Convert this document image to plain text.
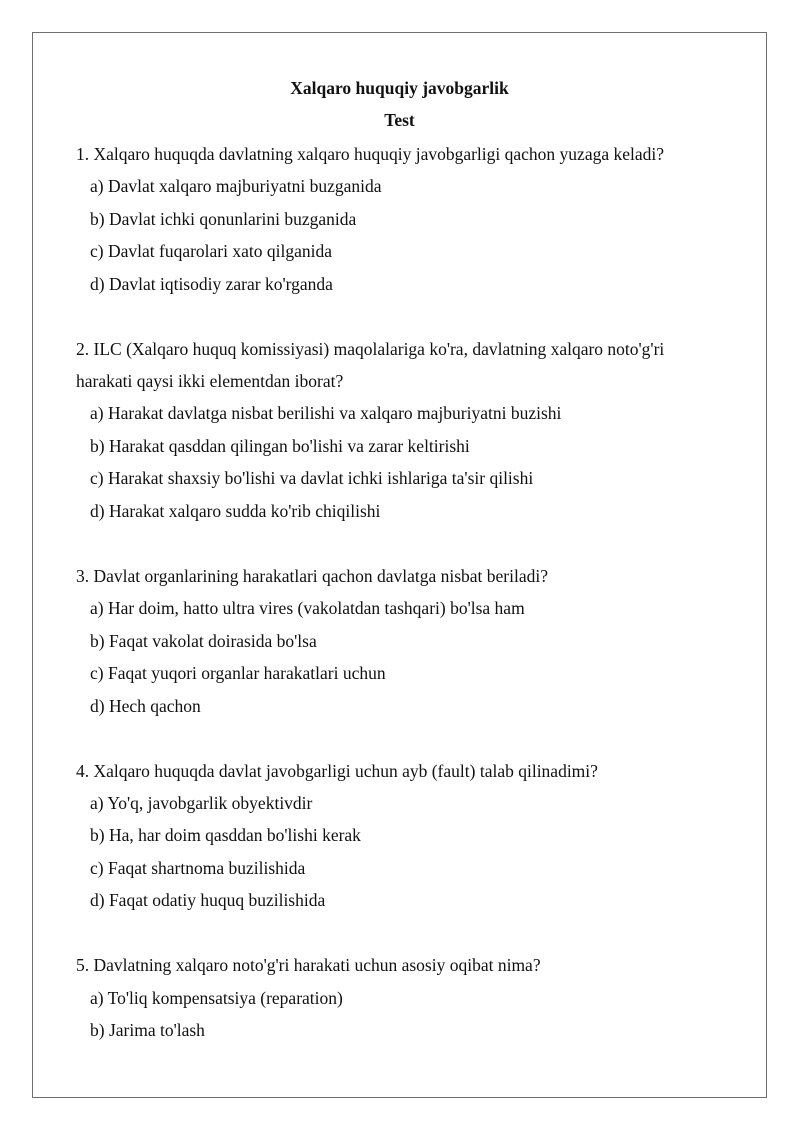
Xalqaro huquqiy javobgarlik
Test
1. Xalqaro huquqda davlatning xalqaro huquqiy javobgarligi qachon yuzaga keladi?
a) Davlat xalqaro majburiyatni buzganida
b) Davlat ichki qonunlarini buzganida
c) Davlat fuqarolari xato qilganida
d) Davlat iqtisodiy zarar ko'rganda
2. ILC (Xalqaro huquq komissiyasi) maqolalariga ko'ra, davlatning xalqaro noto'g'ri
harakati qaysi ikki elementdan iborat?
a) Harakat davlatga nisbat berilishi va xalqaro majburiyatni buzishi
b) Harakat qasddan qilingan bo'lishi va zarar keltirishi
c) Harakat shaxsiy bo'lishi va davlat ichki ishlariga ta'sir qilishi
d) Harakat xalqaro sudda ko'rib chiqilishi
3. Davlat organlarining harakatlari qachon davlatga nisbat beriladi?
a) Har doim, hatto ultra vires (vakolatdan tashqari) bo'lsa ham
b) Faqat vakolat doirasida bo'lsa
c) Faqat yuqori organlar harakatlari uchun
d) Hech qachon
4. Xalqaro huquqda davlat javobgarligi uchun ayb (fault) talab qilinadimi?
a) Yo'q, javobgarlik obyektivdir
b) Ha, har doim qasddan bo'lishi kerak
c) Faqat shartnoma buzilishida
d) Faqat odatiy huquq buzilishida
5. Davlatning xalqaro noto'g'ri harakati uchun asosiy oqibat nima?
a) To'liq kompensatsiya (reparation)
b) Jarima to'lash
